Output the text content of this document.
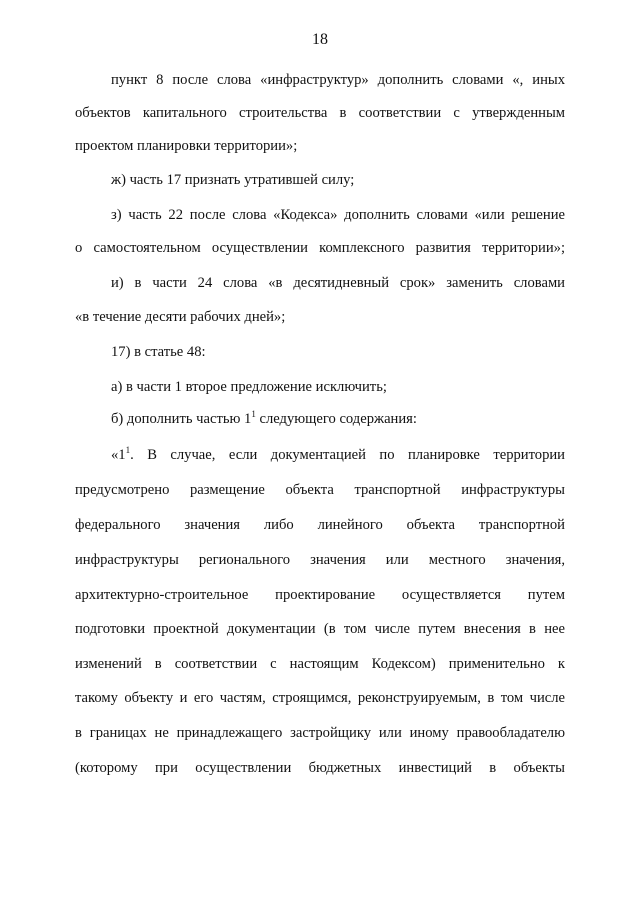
18
пункт 8 после слова «инфраструктур» дополнить словами «, иных
объектов капитального строительства в соответствии с утвержденным
проектом планировки территории»;
ж) часть 17 признать утратившей силу;
з) часть 22 после слова «Кодекса» дополнить словами «или решение
о самостоятельном осуществлении комплексного развития территории»;
и) в части 24 слова «в десятидневный срок» заменить словами
«в течение десяти рабочих дней»;
17) в статье 48:
а) в части 1 второе предложение исключить;
б) дополнить частью $1^1$ следующего содержания:
«$1^1$. В случае, если документацией по планировке территории
предусмотрено размещение объекта транспортной инфраструктуры
федерального значения либо линейного объекта транспортной
инфраструктуры регионального значения или местного значения,
архитектурно-строительное проектирование осуществляется путем
подготовки проектной документации (в том числе путем внесения в нее
изменений в соответствии с настоящим Кодексом) применительно к
такому объекту и его частям, строящимся, реконструируемым, в том числе
в границах не принадлежащего застройщику или иному правообладателю
(которому при осуществлении бюджетных инвестиций в объекты
